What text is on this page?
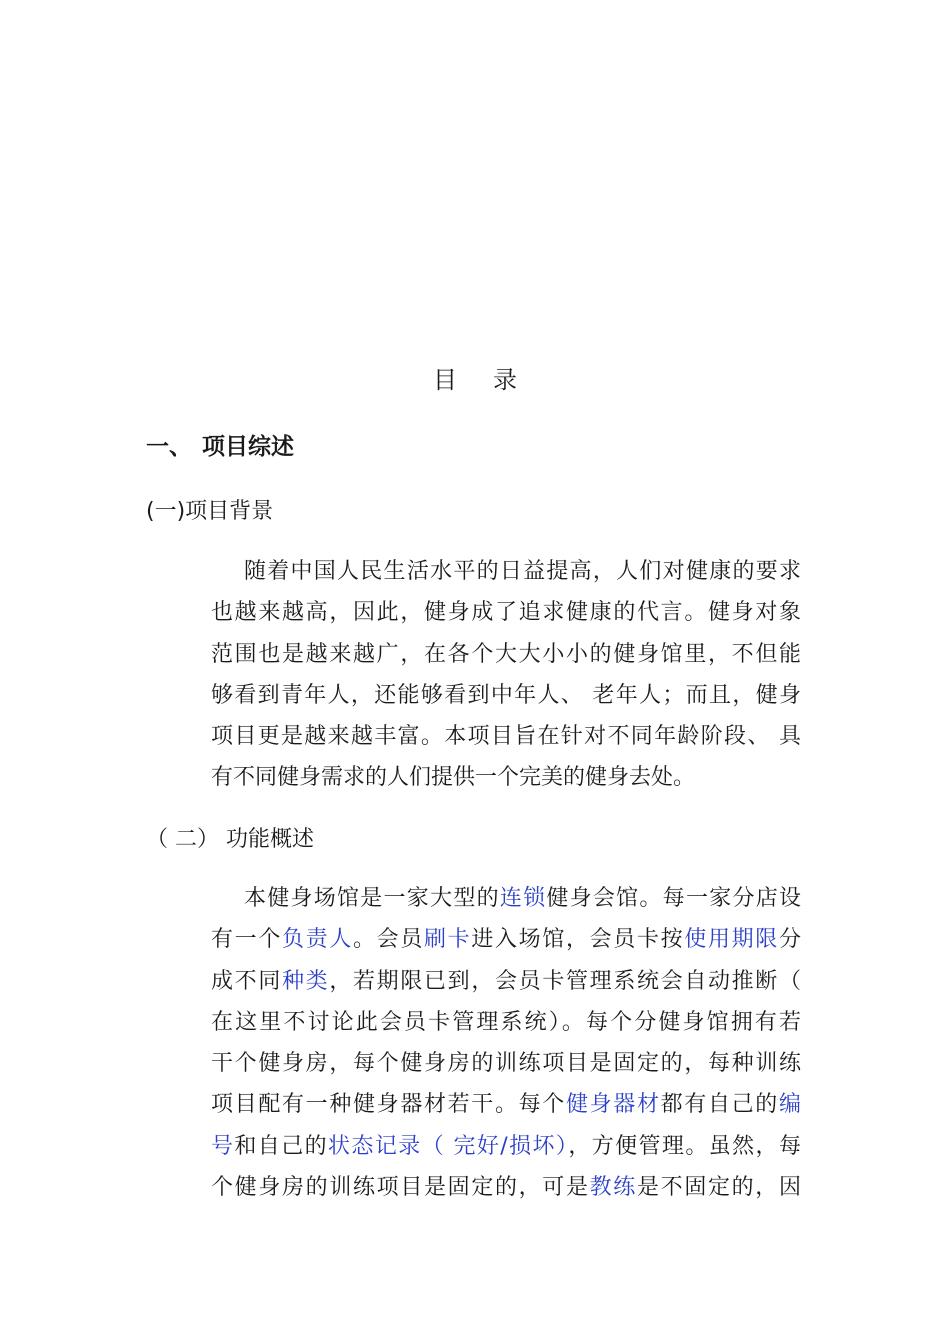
目 录
一、 项目综述
(一)项目背景
随着中国人民生活水平的日益提高，人们对健康的要求
也越来越高，因此，健身成了追求健康的代言。健身对象
范围也是越来越广，在各个大大小小的健身馆里，不但能
够看到青年人，还能够看到中年人、 老年人；而且，健身
项目更是越来越丰富。本项目旨在针对不同年龄阶段、 具
有不同健身需求的人们提供一个完美的健身去处。
（ 二） 功能概述
本健身场馆是一家大型的连锁健身会馆。每一家分店设
有一个负责人。会员刷卡进入场馆，会员卡按使用期限分
成不同种类，若期限已到，会员卡管理系统会自动推断（
在这里不讨论此会员卡管理系统）。每个分健身馆拥有若
干个健身房，每个健身房的训练项目是固定的，每种训练
项目配有一种健身器材若干。每个健身器材都有自己的编
号和自己的状态记录（ 完好/损坏），方便管理。虽然，每
个健身房的训练项目是固定的，可是教练是不固定的，因
